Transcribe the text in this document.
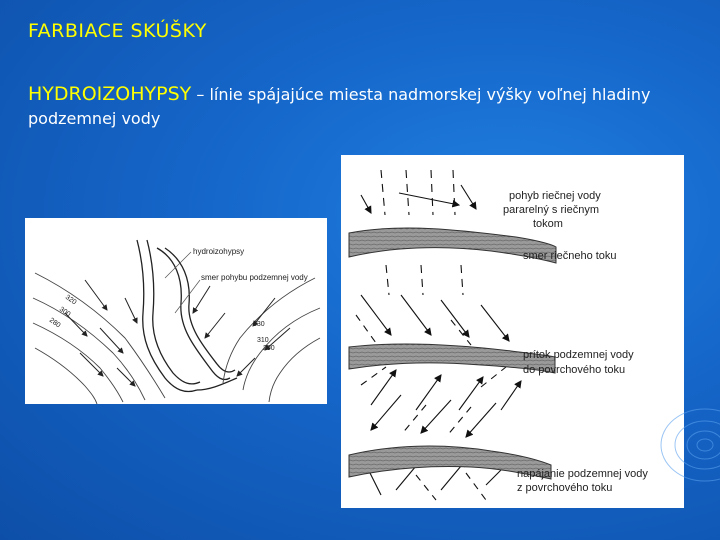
FARBIACE SKÚŠKY

HYDROIZOHYPSY – línie spájajúce miesta nadmorskej výšky voľnej hladiny podzemnej vody

hydroizohypsy
smer pohybu podzemnej vody
320
300
280	330
310
290
pohyb riečnej vody
pararelný s riečnym
tokom
smer riečneho toku
prítok podzemnej vody
do povrchového toku
napájanie podzemnej vody
z povrchového toku
